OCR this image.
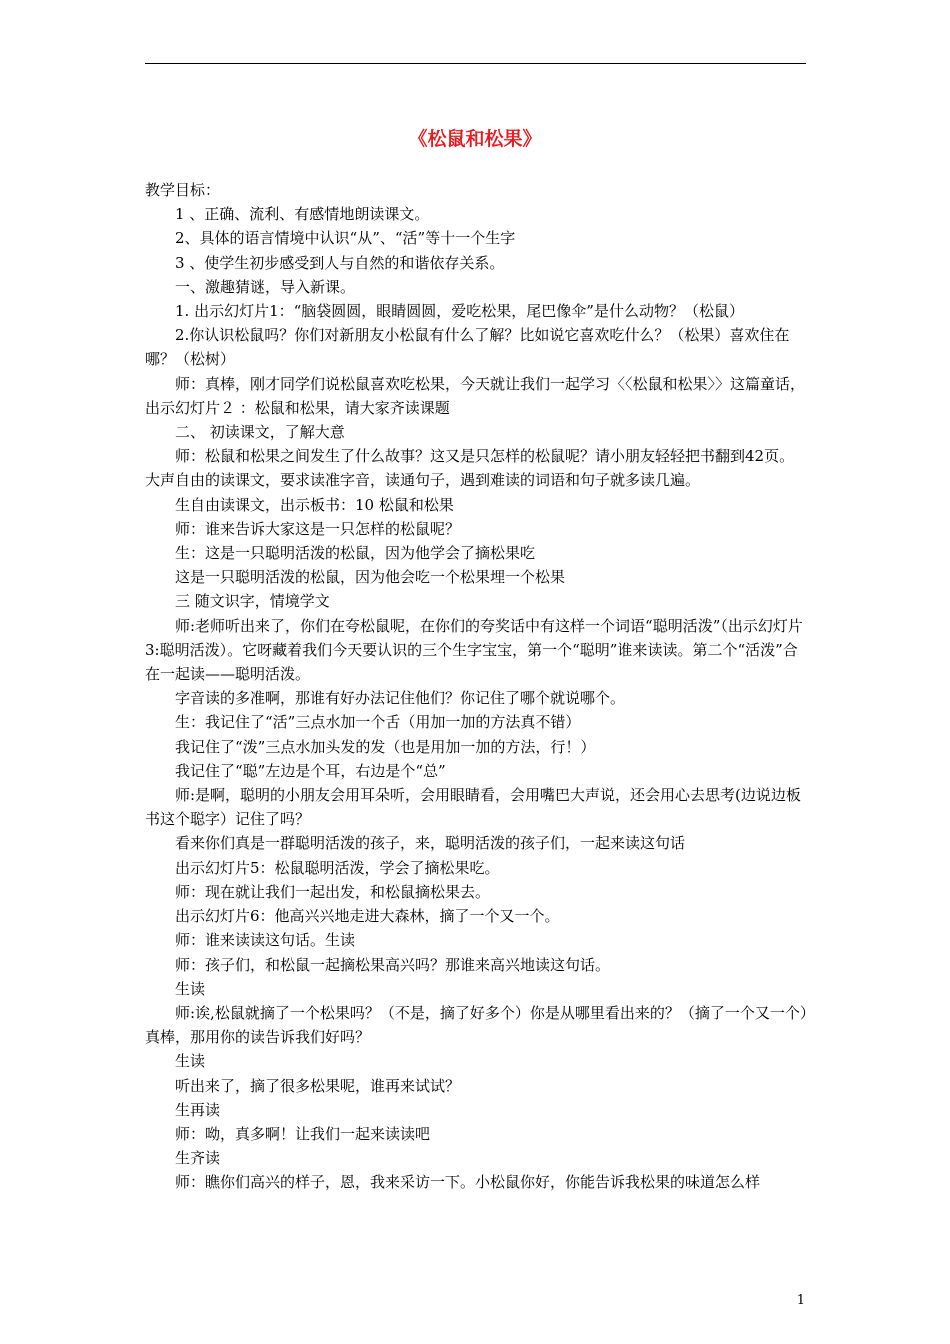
《松鼠和松果》

教学目标：

1 、正确、流利、有感情地朗读课文。

2、具体的语言情境中认识“从”、“活”等十一个生字

3 、使学生初步感受到人与自然的和谐依存关系。

一、激趣猜谜，导入新课。

1. 出示幻灯片1：“脑袋圆圆，眼睛圆圆，爱吃松果，尾巴像伞”是什么动物？（松鼠）

2.你认识松鼠吗？你们对新朋友小松鼠有什么了解？比如说它喜欢吃什么？（松果）喜欢住在哪？（松树）

师：真棒，刚才同学们说松鼠喜欢吃松果，今天就让我们一起学习〈〈松鼠和松果〉〉这篇童话，出示幻灯片２ ：松鼠和松果，请大家齐读课题

二、 初读课文，了解大意

师：松鼠和松果之间发生了什么故事？这又是只怎样的松鼠呢？请小朋友轻轻把书翻到42页。大声自由的读课文，要求读准字音，读通句子，遇到难读的词语和句子就多读几遍。

生自由读课文，出示板书：10 松鼠和松果

师：谁来告诉大家这是一只怎样的松鼠呢？

生：这是一只聪明活泼的松鼠，因为他学会了摘松果吃

这是一只聪明活泼的松鼠，因为他会吃一个松果埋一个松果

三 随文识字，情境学文

师:老师听出来了，你们在夸松鼠呢，在你们的夸奖话中有这样一个词语“聪明活泼”（出示幻灯片3:聪明活泼）。它呀藏着我们今天要认识的三个生字宝宝，第一个“聪明”谁来读读。第二个“活泼”合在一起读——聪明活泼。

字音读的多准啊，那谁有好办法记住他们？你记住了哪个就说哪个。

生：我记住了“活”三点水加一个舌（用加一加的方法真不错）

我记住了“泼”三点水加头发的发（也是用加一加的方法，行！）

我记住了“聪”左边是个耳，右边是个“总”

师:是啊，聪明的小朋友会用耳朵听，会用眼睛看，会用嘴巴大声说，还会用心去思考(边说边板书这个聪字）记住了吗？

看来你们真是一群聪明活泼的孩子，来，聪明活泼的孩子们，一起来读这句话

出示幻灯片5：松鼠聪明活泼，学会了摘松果吃。

师：现在就让我们一起出发，和松鼠摘松果去。

出示幻灯片6：他高兴兴地走进大森林，摘了一个又一个。

师：谁来读读这句话。生读

师：孩子们，和松鼠一起摘松果高兴吗？那谁来高兴地读这句话。

生读

师:诶,松鼠就摘了一个松果吗？（不是，摘了好多个）你是从哪里看出来的？（摘了一个又一个）真棒，那用你的读告诉我们好吗？

生读

听出来了，摘了很多松果呢，谁再来试试？

生再读

师：呦，真多啊！让我们一起来读读吧

生齐读

师：瞧你们高兴的样子，恩，我来采访一下。小松鼠你好，你能告诉我松果的味道怎么样

1
